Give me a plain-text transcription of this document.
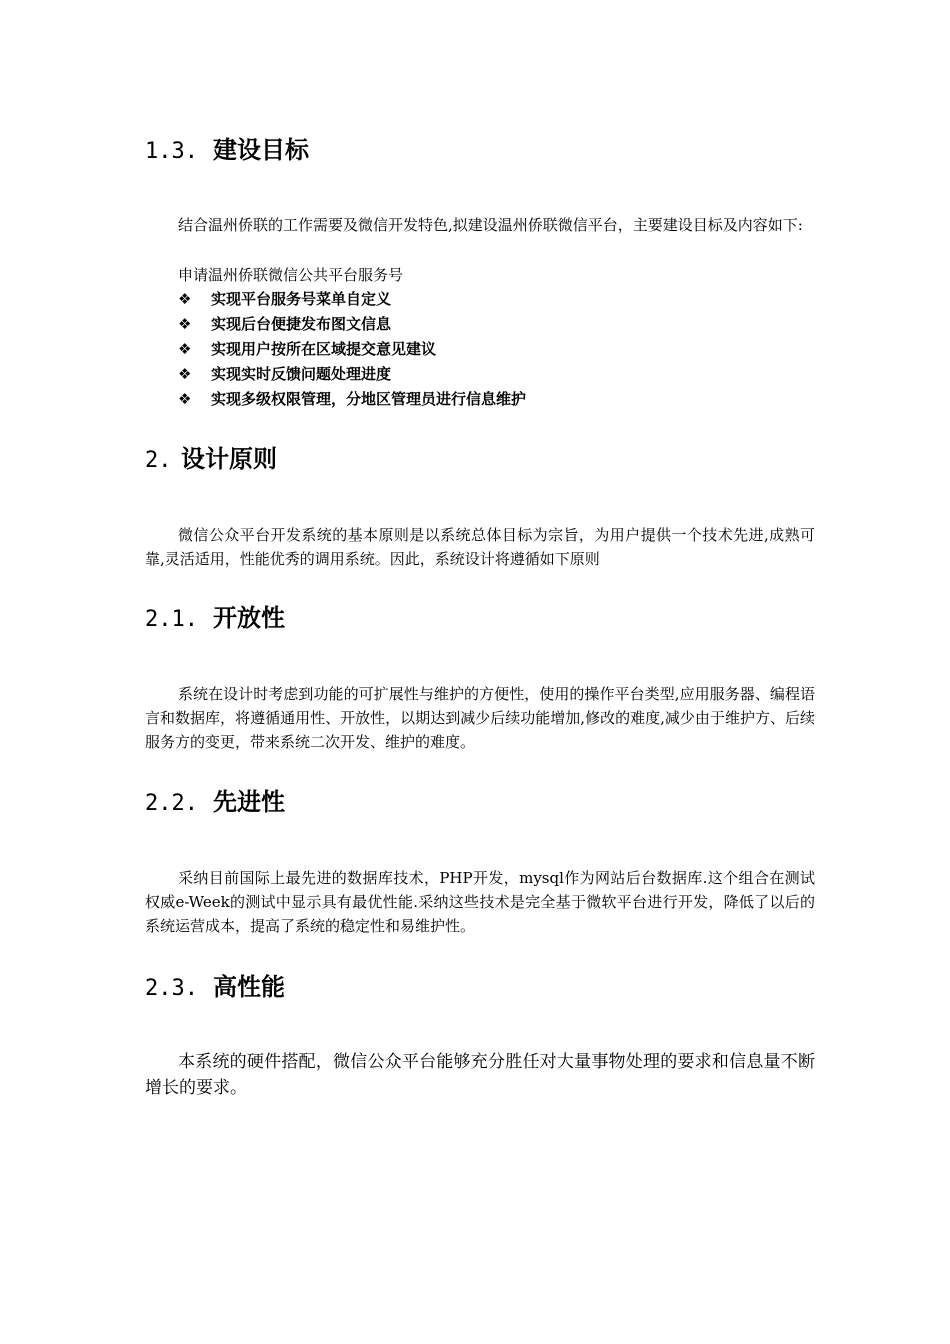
1.3. 建设目标

结合温州侨联的工作需要及微信开发特色,拟建设温州侨联微信平台，主要建设目标及内容如下:

申请温州侨联微信公共平台服务号
❖ 实现平台服务号菜单自定义
❖ 实现后台便捷发布图文信息
❖ 实现用户按所在区域提交意见建议
❖ 实现实时反馈问题处理进度
❖ 实现多级权限管理，分地区管理员进行信息维护
2. 设计原则

微信公众平台开发系统的基本原则是以系统总体目标为宗旨，为用户提供一个技术先进,成熟可靠,灵活适用，性能优秀的调用系统。因此，系统设计将遵循如下原则

2.1. 开放性

系统在设计时考虑到功能的可扩展性与维护的方便性，使用的操作平台类型,应用服务器、编程语言和数据库，将遵循通用性、开放性，以期达到减少后续功能增加,修改的难度,减少由于维护方、后续服务方的变更，带来系统二次开发、维护的难度。

2.2. 先进性

采纳目前国际上最先进的数据库技术，PHP开发，mysql作为网站后台数据库.这个组合在测试权威e-Week的测试中显示具有最优性能.采纳这些技术是完全基于微软平台进行开发，降低了以后的系统运营成本，提高了系统的稳定性和易维护性。

2.3. 高性能

本系统的硬件搭配，微信公众平台能够充分胜任对大量事物处理的要求和信息量不断增长的要求。
